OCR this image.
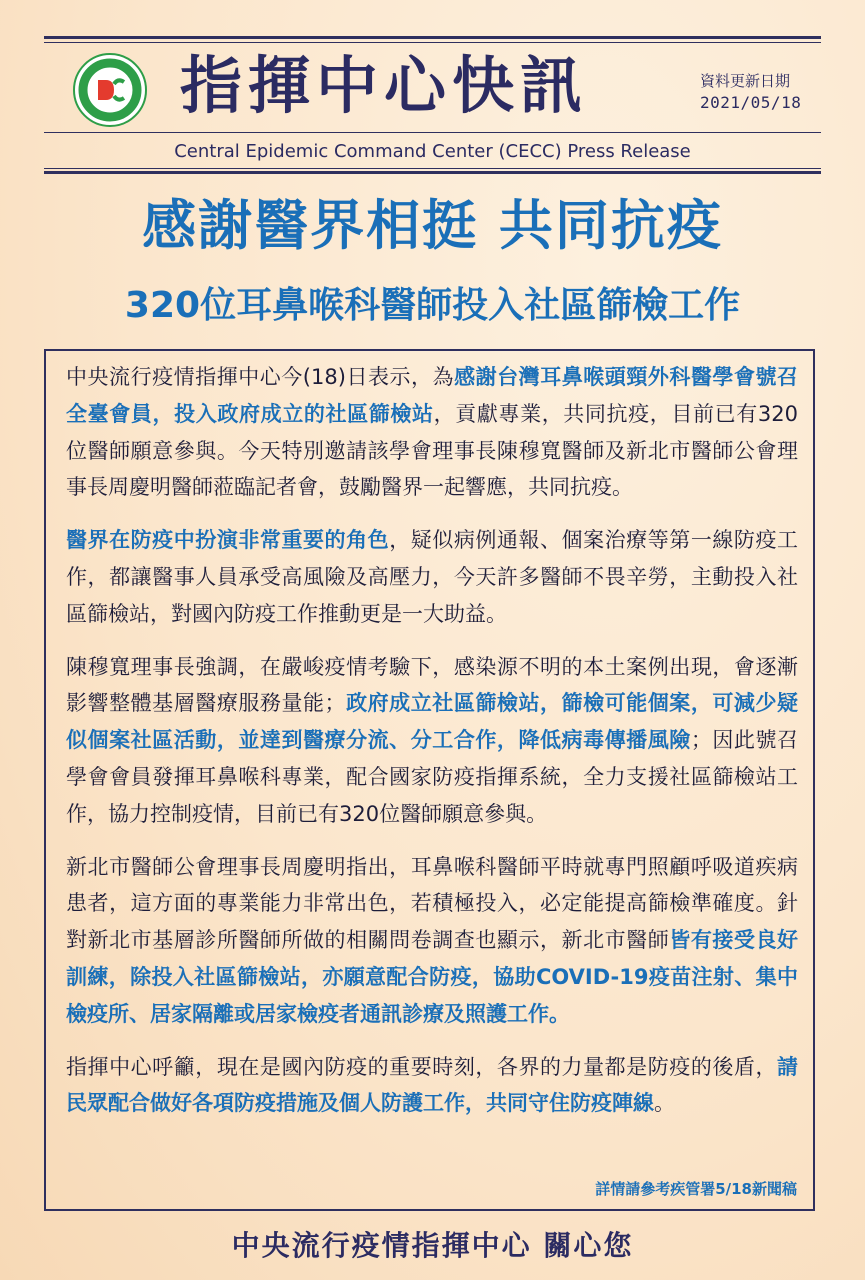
指揮中心快訊	資料更新日期
2021/05/18
Central Epidemic Command Center (CECC) Press Release
感謝醫界相挺 共同抗疫
320位耳鼻喉科醫師投入社區篩檢工作

中央流行疫情指揮中心今(18)日表示，為感謝台灣耳鼻喉頭頸外科醫學會號召全臺會員，投入政府成立的社區篩檢站，貢獻專業，共同抗疫，目前已有320位醫師願意參與。今天特別邀請該學會理事長陳穆寬醫師及新北市醫師公會理事長周慶明醫師蒞臨記者會，鼓勵醫界一起響應，共同抗疫。

醫界在防疫中扮演非常重要的角色，疑似病例通報、個案治療等第一線防疫工作，都讓醫事人員承受高風險及高壓力，今天許多醫師不畏辛勞，主動投入社區篩檢站，對國內防疫工作推動更是一大助益。

陳穆寬理事長強調，在嚴峻疫情考驗下，感染源不明的本土案例出現，會逐漸影響整體基層醫療服務量能；政府成立社區篩檢站，篩檢可能個案，可減少疑似個案社區活動，並達到醫療分流、分工合作，降低病毒傳播風險；因此號召學會會員發揮耳鼻喉科專業，配合國家防疫指揮系統，全力支援社區篩檢站工作，協力控制疫情，目前已有320位醫師願意參與。

新北市醫師公會理事長周慶明指出，耳鼻喉科醫師平時就專門照顧呼吸道疾病患者，這方面的專業能力非常出色，若積極投入，必定能提高篩檢準確度。針對新北市基層診所醫師所做的相關問卷調查也顯示，新北市醫師皆有接受良好訓練，除投入社區篩檢站，亦願意配合防疫，協助COVID-19疫苗注射、集中檢疫所、居家隔離或居家檢疫者通訊診療及照護工作。

指揮中心呼籲，現在是國內防疫的重要時刻，各界的力量都是防疫的後盾，請民眾配合做好各項防疫措施及個人防護工作，共同守住防疫陣線。

詳情請參考疾管署5/18新聞稿
中央流行疫情指揮中心 關心您
